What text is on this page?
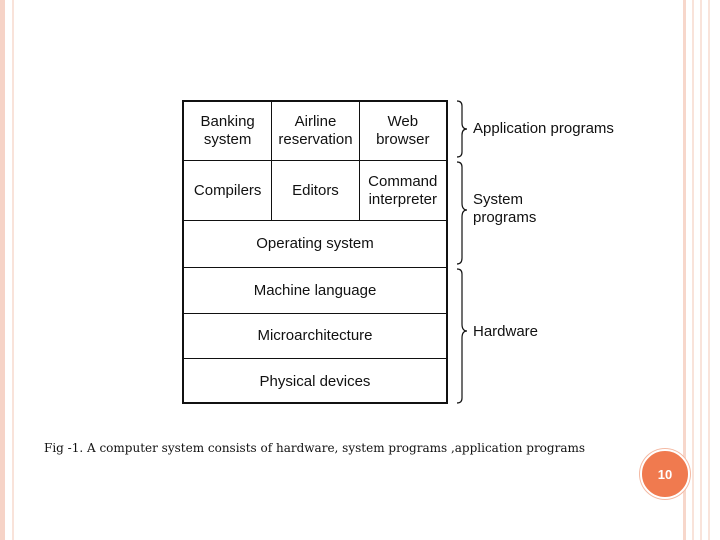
Banking
system
Airline
reservation
Web
browser
Compilers	Editors
Command
interpreter
Operating system
Machine language
Microarchitecture
Physical devices
Application programs
System
programs
Hardware
Fig -1. A computer system consists of hardware, system programs ,application programs
10
